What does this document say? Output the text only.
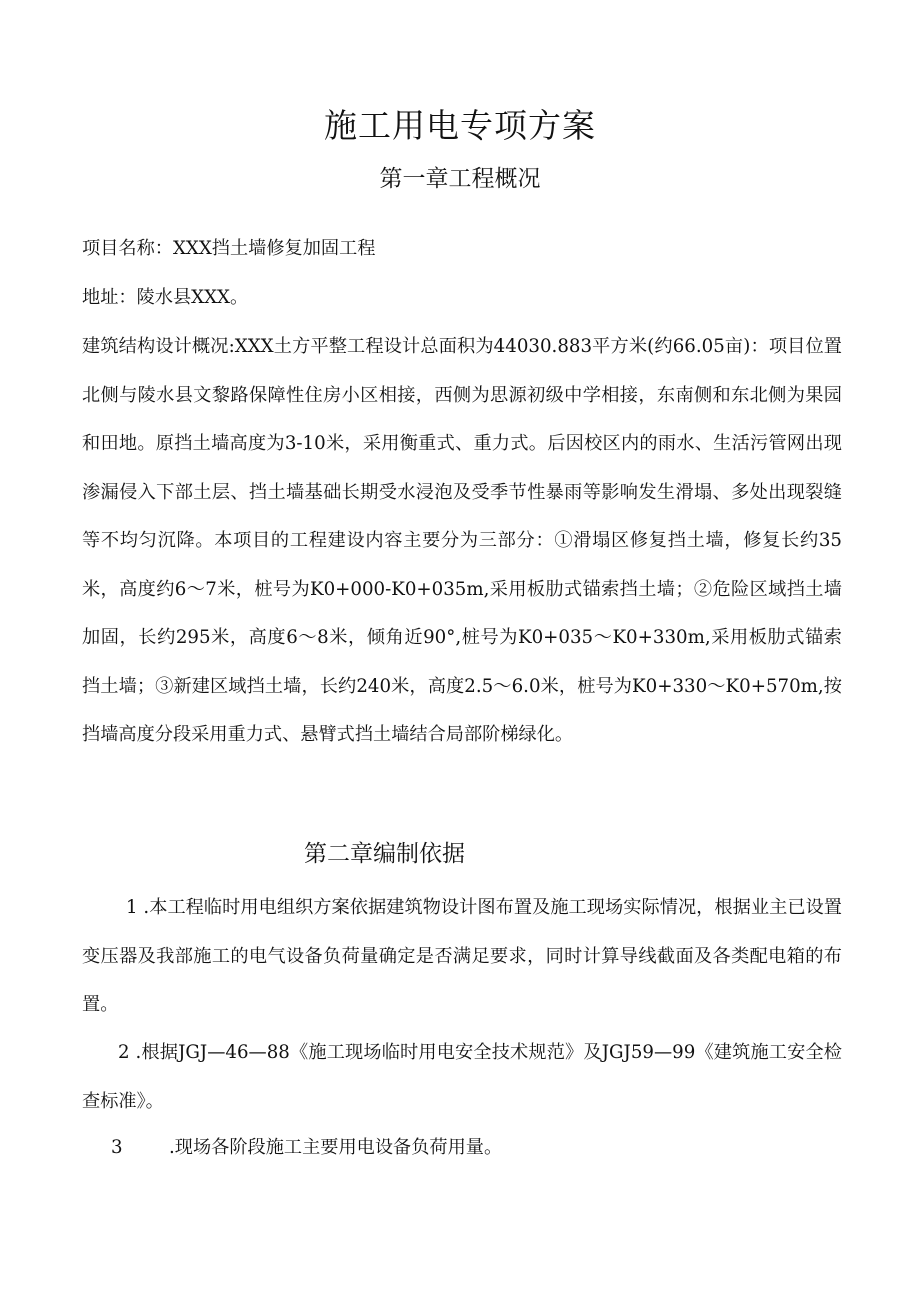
施工用电专项方案
第一章工程概况
项目名称：XXX挡土墙修复加固工程
地址：陵水县XXX。
建筑结构设计概况:XXX土方平整工程设计总面积为44030.883平方米(约66.05亩)：项目位置北侧与陵水县文黎路保障性住房小区相接，西侧为思源初级中学相接，东南侧和东北侧为果园和田地。原挡土墙高度为3-10米，采用衡重式、重力式。后因校区内的雨水、生活污管网出现渗漏侵入下部土层、挡土墙基础长期受水浸泡及受季节性暴雨等影响发生滑塌、多处出现裂缝等不均匀沉降。本项目的工程建设内容主要分为三部分：①滑塌区修复挡土墙，修复长约35米，高度约6～7米，桩号为K0+000-K0+035m,采用板肋式锚索挡土墙；②危险区域挡土墙加固，长约295米，高度6～8米，倾角近90°,桩号为K0+035～K0+330m,采用板肋式锚索挡土墙；③新建区域挡土墙，长约240米，高度2.5～6.0米，桩号为K0+330～K0+570m,按挡墙高度分段采用重力式、悬臂式挡土墙结合局部阶梯绿化。
第二章编制依据
1 .本工程临时用电组织方案依据建筑物设计图布置及施工现场实际情况，根据业主已设置变压器及我部施工的电气设备负荷量确定是否满足要求，同时计算导线截面及各类配电箱的布置。
2 .根据JGJ—46—88《施工现场临时用电安全技术规范》及JGJ59—99《建筑施工安全检查标准》。
3	.现场各阶段施工主要用电设备负荷用量。
